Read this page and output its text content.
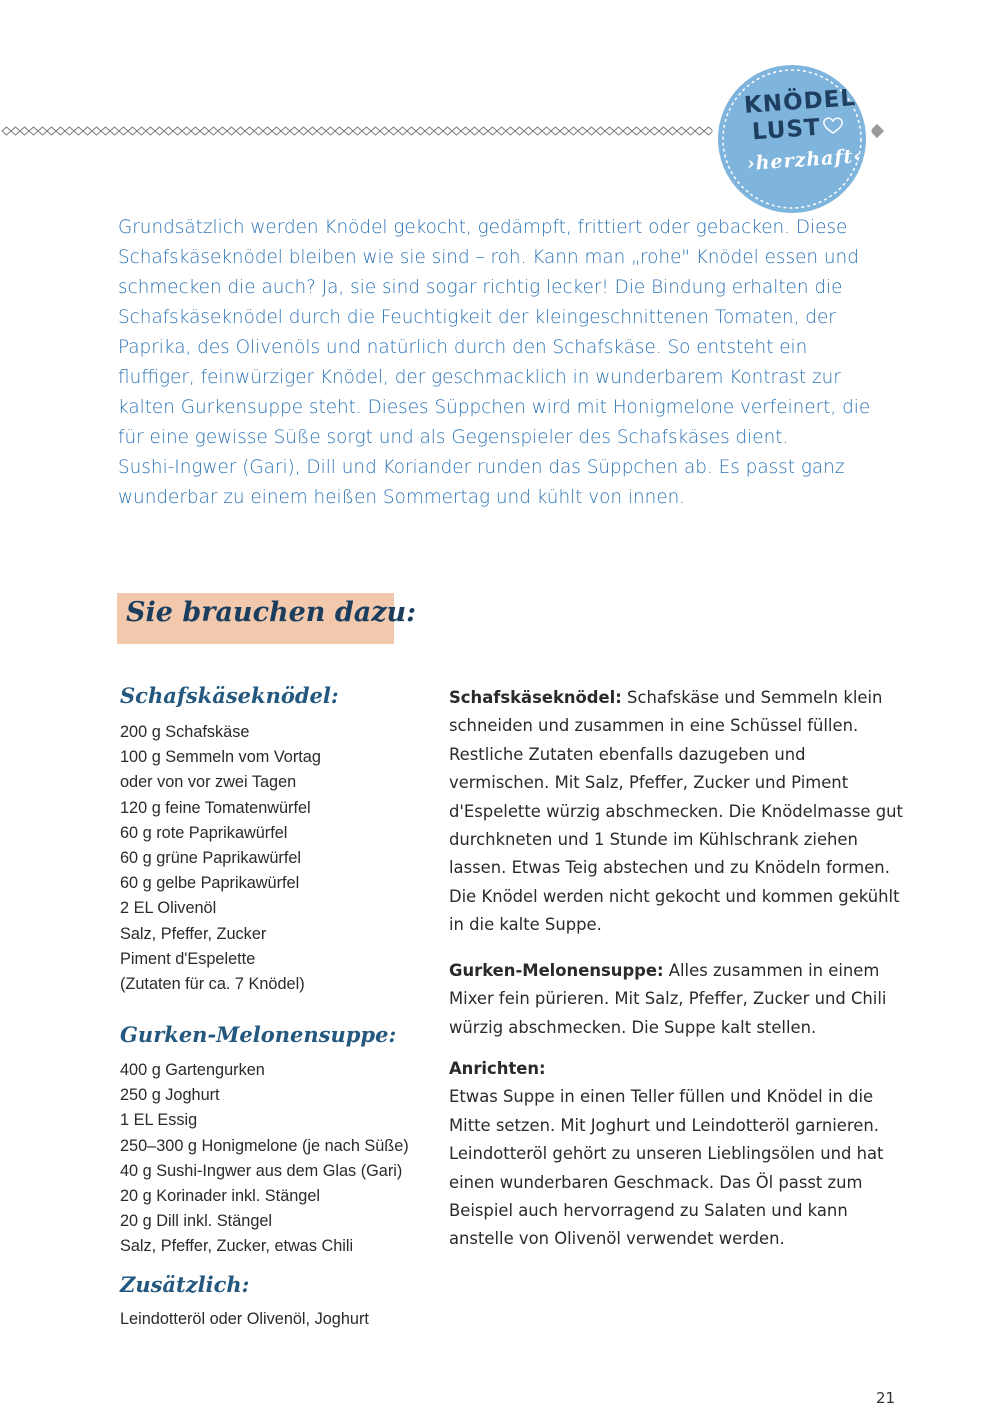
KNÖDEL
LUST
›herzhaft‹

Grundsätzlich werden Knödel gekocht, gedämpft, frittiert oder gebacken. Diese Schafskäseknödel bleiben wie sie sind – roh. Kann man „rohe" Knödel essen und schmecken die auch? Ja, sie sind sogar richtig lecker! Die Bindung erhalten die Schafskäseknödel durch die Feuchtigkeit der kleingeschnittenen Tomaten, der Paprika, des Olivenöls und natürlich durch den Schafskäse. So entsteht ein fluffiger, feinwürziger Knödel, der geschmacklich in wunderbarem Kontrast zur kalten Gurkensuppe steht. Dieses Süppchen wird mit Honigmelone verfeinert, die für eine gewisse Süße sorgt und als Gegenspieler des Schafskäses dient.
Sushi-Ingwer (Gari), Dill und Koriander runden das Süppchen ab. Es passt ganz wunderbar zu einem heißen Sommertag und kühlt von innen.

Sie brauchen dazu:
Schafskäseknödel:
200 g Schafskäse
100 g Semmeln vom Vortag
oder von vor zwei Tagen
120 g feine Tomatenwürfel
60 g rote Paprikawürfel
60 g grüne Paprikawürfel
60 g gelbe Paprikawürfel
2 EL Olivenöl
Salz, Pfeffer, Zucker
Piment d'Espelette
(Zutaten für ca. 7 Knödel)
Gurken-Melonensuppe:
400 g Gartengurken
250 g Joghurt
1 EL Essig
250–300 g Honigmelone (je nach Süße)
40 g Sushi-Ingwer aus dem Glas (Gari)
20 g Korinader inkl. Stängel
20 g Dill inkl. Stängel
Salz, Pfeffer, Zucker, etwas Chili
Zusätzlich:
Leindotteröl oder Olivenöl, Joghurt

Schafskäseknödel: Schafskäse und Semmeln klein schneiden und zusammen in eine Schüssel füllen. Restliche Zutaten ebenfalls dazugeben und vermischen. Mit Salz, Pfeffer, Zucker und Piment d'Espelette würzig abschmecken. Die Knödelmasse gut durchkneten und 1 Stunde im Kühlschrank ziehen lassen. Etwas Teig abstechen und zu Knödeln formen. Die Knödel werden nicht gekocht und kommen gekühlt in die kalte Suppe.

Gurken-Melonensuppe: Alles zusammen in einem Mixer fein pürieren. Mit Salz, Pfeffer, Zucker und Chili würzig abschmecken. Die Suppe kalt stellen.

Anrichten:
Etwas Suppe in einen Teller füllen und Knödel in die Mitte setzen. Mit Joghurt und Leindotteröl garnieren. Leindotteröl gehört zu unseren Lieblingsölen und hat einen wunderbaren Geschmack. Das Öl passt zum Beispiel auch hervorragend zu Salaten und kann anstelle von Olivenöl verwendet werden.

21
